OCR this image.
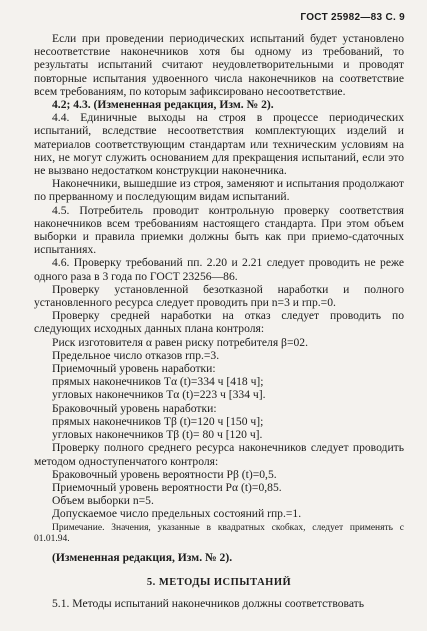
ГОСТ 25982—83 С. 9

Если при проведении периодических испытаний будет установлено несоответствие наконечников хотя бы одному из требований, то результаты испытаний считают неудовлетворительными и проводят повторные испытания удвоенного числа наконечников на соответствие всем требованиям, по которым зафиксировано несоответствие.

4.2; 4.3. (Измененная редакция, Изм. № 2).

4.4. Единичные выходы на строя в процессе периодических испытаний, вследствие несоответствия комплектующих изделий и материалов соответствующим стандартам или техническим условиям на них, не могут служить основанием для прекращения испытаний, если это не вызвано недостатком конструкции наконечника.

Наконечники, вышедшие из строя, заменяют и испытания продолжают по прерванному и последующим видам испытаний.

4.5. Потребитель проводит контрольную проверку соответствия наконечников всем требованиям настоящего стандарта. При этом объем выборки и правила приемки должны быть как при приемо-сдаточных испытаниях.

4.6. Проверку требований пп. 2.20 и 2.21 следует проводить не реже одного раза в 3 года по ГОСТ 23256—86.

Проверку установленной безотказной наработки и полного установленного ресурса следует проводить при n=3 и rпр.=0.

Проверку средней наработки на отказ следует проводить по следующих исходных данных плана контроля:

Риск изготовителя α равен риску потребителя β=02.

Предельное число отказов rпр.=3.

Приемочный уровень наработки:

прямых наконечников Tα (t)=334 ч [418 ч];

угловых наконечников Tα (t)=223 ч [334 ч].

Браковочный уровень наработки:

прямых наконечников Tβ (t)=120 ч [150 ч];

угловых наконечников Tβ (t)= 80 ч [120 ч].

Проверку полного среднего ресурса наконечников следует проводить методом одноступенчатого контроля:

Браковочный уровень вероятности Pβ (t)=0,5.

Приемочный уровень вероятности Pα (t)=0,85.

Объем выборки n=5.

Допускаемое число предельных состояний rпр.=1.

Примечание. Значения, указанные в квадратных скобках, следует применять с 01.01.94.

(Измененная редакция, Изм. № 2).

5. МЕТОДЫ ИСПЫТАНИЙ

5.1. Методы испытаний наконечников должны соответствовать
